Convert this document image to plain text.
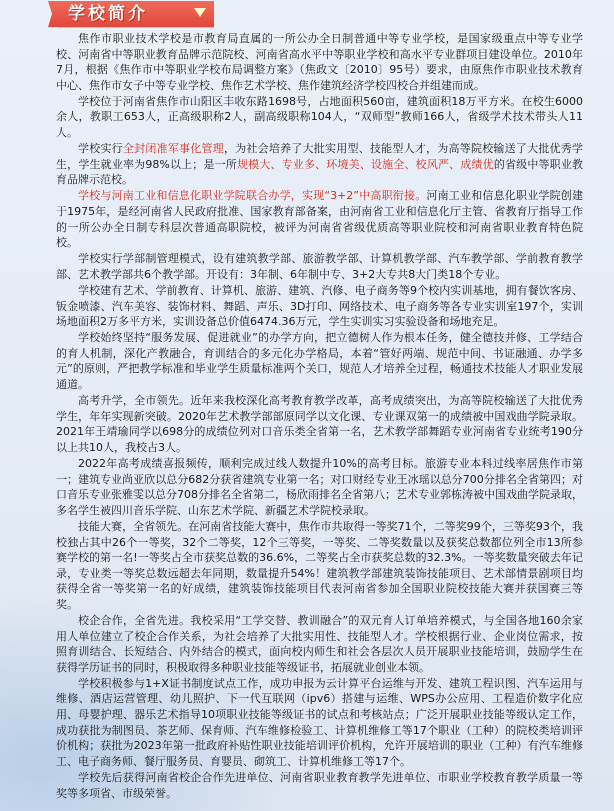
学校简介

焦作市职业技术学校是市教育局直属的一所公办全日制普通中等专业学校，是国家级重点中等专业学校、河南省中等职业教育品牌示范院校、河南省高水平中等职业学校和高水平专业群项目建设单位。2010年7月，根据《焦作市中等职业学校布局调整方案》（焦政文〔2010〕95号）要求，由原焦作市职业技术教育中心、焦作市女子中等专业学校、焦作艺术学校、焦作建筑经济学校四校合并组建而成。

学校位于河南省焦作市山阳区丰收东路1698号，占地面积560亩，建筑面积18万平方米。在校生6000余人，教职工653人，正高级职称2人，副高级职称104人，“双师型”教师166人，省级学术技术带头人11人。

学校实行全封闭准军事化管理，为社会培养了大批实用型、技能型人才，为高等院校输送了大批优秀学生，学生就业率为98%以上；是一所规模大、专业多、环境美、设施全、校风严、成绩优的省级中等职业教育品牌示范校。

学校与河南工业和信息化职业学院联合办学，实现“3+2”中高职衔接。河南工业和信息化职业学院创建于1975年，是经河南省人民政府批准、国家教育部备案，由河南省工业和信息化厅主管、省教育厅指导工作的一所公办全日制专科层次普通高职院校，被评为河南省省级优质高等职业院校和河南省职业教育特色院校。

学校实行学部制管理模式，设有建筑教学部、旅游教学部、计算机教学部、汽车教学部、学前教育教学部、艺术教学部共6个教学部。开设有：3年制、6年制中专、3+2大专共8大门类18个专业。

学校建有艺术、学前教育、计算机、旅游、建筑、汽修、电子商务等9个校内实训基地，拥有餐饮客房、钣金喷漆、汽车美容、装饰材料、舞蹈、声乐、3D打印、网络技术、电子商务等各专业实训室197个，实训场地面积2万多平方米，实训设备总价值6474.36万元，学生实训实习实验设备和场地充足。

学校始终坚持“服务发展、促进就业”的办学方向，把立德树人作为根本任务，健全德技并修、工学结合的育人机制，深化产教融合，育训结合的多元化办学格局，本着“管好两端、规范中间、书证融通、办学多元”的原则，严把教学标准和毕业学生质量标准两个关口，规范人才培养全过程，畅通技术技能人才职业发展通道。

高考升学，全市领先。近年来我校深化高考教育教学改革，高考成绩突出，为高等院校输送了大批优秀学生，年年实现新突破。2020年艺术教学部部原同学以文化课、专业课双第一的成绩被中国戏曲学院录取。2021年王靖瑜同学以698分的成绩位列对口音乐类全省第一名，艺术教学部舞蹈专业河南省专业统考190分以上共10人，我校占3人。

2022年高考成绩喜报频传，顺利完成过线人数提升10%的高考目标。旅游专业本科过线率居焦作市第一；建筑专业尚亚欣以总分682分获省建筑专业第一名；对口财经专业王冰瑶以总分700分排名全省第四；对口音乐专业张雅雯以总分708分排名全省第二，杨欣雨排名全省第八；艺术专业郭栋涛被中国戏曲学院录取，多名学生被四川音乐学院、山东艺术学院、新疆艺术学院校录取。

技能大赛，全省领先。在河南省技能大赛中，焦作市共取得一等奖71个，二等奖99个，三等奖93个，我校独占其中26个一等奖，32个二等奖，12个三等奖，一等奖、二等奖数量以及获奖总数都位列全市13所参赛学校的第一名!一等奖占全市获奖总数的36.6%，二等奖占全市获奖总数的32.3%。一等奖数量突破去年记录，专业类一等奖总数远超去年同期，数量提升54%！建筑教学部建筑装饰技能项目、艺术部情景剧项目均获得全省一等奖第一名的好成绩，建筑装饰技能项目代表河南省参加全国职业院校技能大赛并获国赛三等奖。

校企合作，全省先进。我校采用“工学交替、教训融合”的双元育人订单培养模式，与全国各地160余家用人单位建立了校企合作关系，为社会培养了大批实用性、技能型人才。学校根据行业、企业岗位需求，按照育训结合、长短结合、内外结合的模式，面向校内师生和社会各层次人员开展职业技能培训，鼓励学生在获得学历证书的同时，积极取得多种职业技能等级证书，拓展就业创业本领。

学校积极参与1+X证书制度试点工作，成功申报为云计算平台运维与开发、建筑工程识图、汽车运用与维修、酒店运营管理、幼儿照护、下一代互联网（ipv6）搭建与运维、WPS办公应用、工程造价数字化应用、母婴护理、器乐艺术指导10项职业技能等级证书的试点和考核站点；广泛开展职业技能等级认定工作，成功获批为制图员、茶艺师、保育师、汽车维修检验工、计算机维修工等17个职业（工种）的院校类培训评价机构；获批为2023年第一批政府补贴性职业技能培训评价机构，允许开展培训的职业（工种）有汽车维修工、电子商务师、餐厅服务员、育婴员、砌筑工、计算机维修工等17个。

学校先后获得河南省校企合作先进单位、河南省职业教育教学先进单位、市职业学校教育教学质量一等奖等多项省、市级荣誉。
